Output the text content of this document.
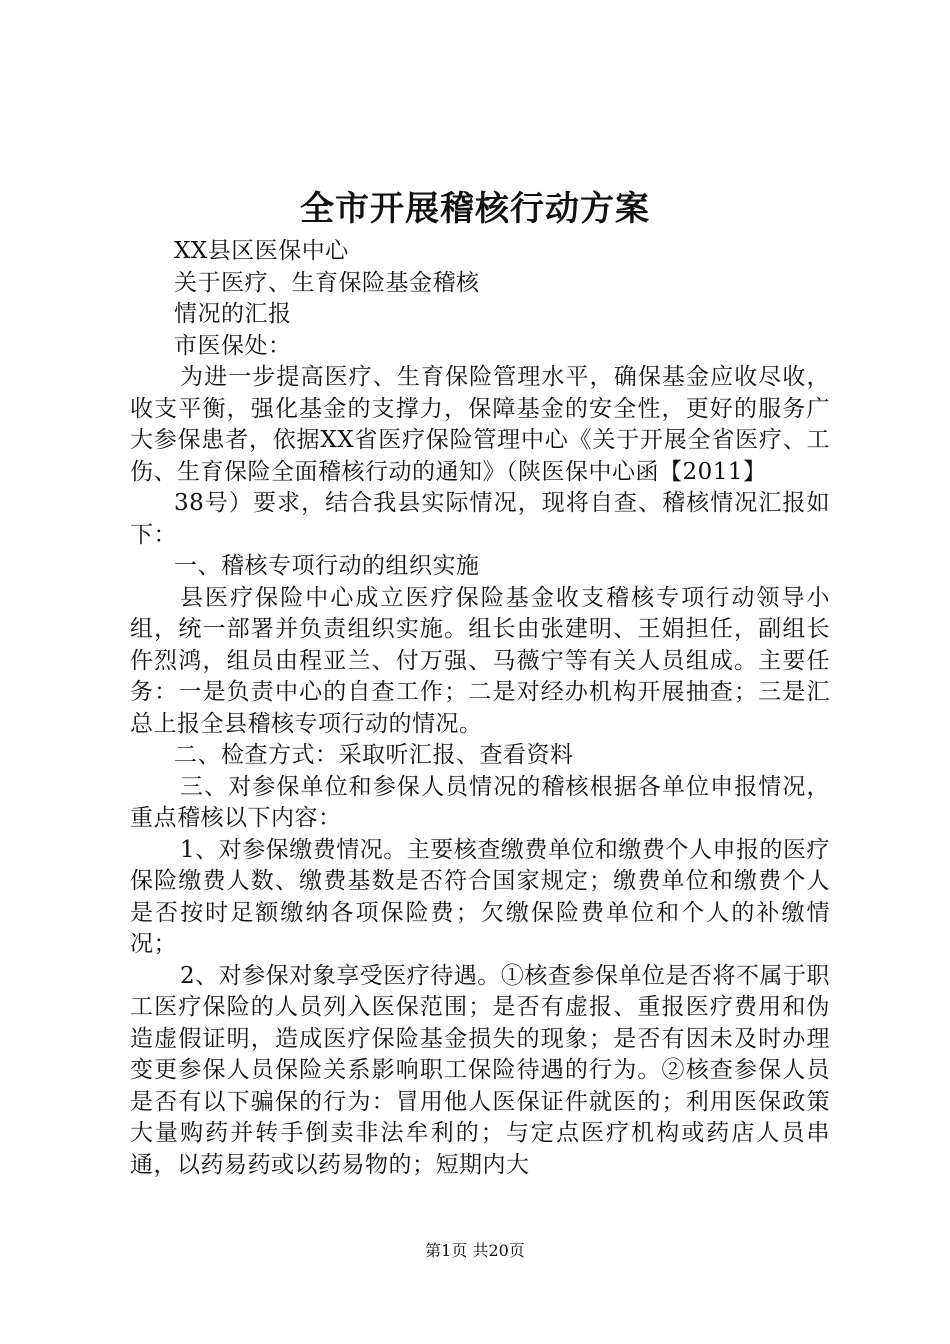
全市开展稽核行动方案

XX县区医保中心

关于医疗、生育保险基金稽核

情况的汇报

市医保处：

为进一步提高医疗、生育保险管理水平，确保基金应收尽收，收支平衡，强化基金的支撑力，保障基金的安全性，更好的服务广大参保患者，依据XX省医疗保险管理中心《关于开展全省医疗、工伤、生育保险全面稽核行动的通知》（陕医保中心函【2011】

38号）要求，结合我县实际情况，现将自查、稽核情况汇报如下：

一、稽核专项行动的组织实施

县医疗保险中心成立医疗保险基金收支稽核专项行动领导小组，统一部署并负责组织实施。组长由张建明、王娟担任，副组长仵烈鸿，组员由程亚兰、付万强、马薇宁等有关人员组成。主要任务：一是负责中心的自查工作；二是对经办机构开展抽查；三是汇总上报全县稽核专项行动的情况。

二、检查方式：采取听汇报、查看资料

三、对参保单位和参保人员情况的稽核根据各单位申报情况，重点稽核以下内容：

1、对参保缴费情况。主要核查缴费单位和缴费个人申报的医疗保险缴费人数、缴费基数是否符合国家规定；缴费单位和缴费个人是否按时足额缴纳各项保险费；欠缴保险费单位和个人的补缴情况；

2、对参保对象享受医疗待遇。①核查参保单位是否将不属于职工医疗保险的人员列入医保范围；是否有虚报、重报医疗费用和伪造虚假证明，造成医疗保险基金损失的现象；是否有因未及时办理变更参保人员保险关系影响职工保险待遇的行为。②核查参保人员是否有以下骗保的行为：冒用他人医保证件就医的；利用医保政策大量购药并转手倒卖非法牟利的；与定点医疗机构或药店人员串通，以药易药或以药易物的；短期内大

第1页 共20页
